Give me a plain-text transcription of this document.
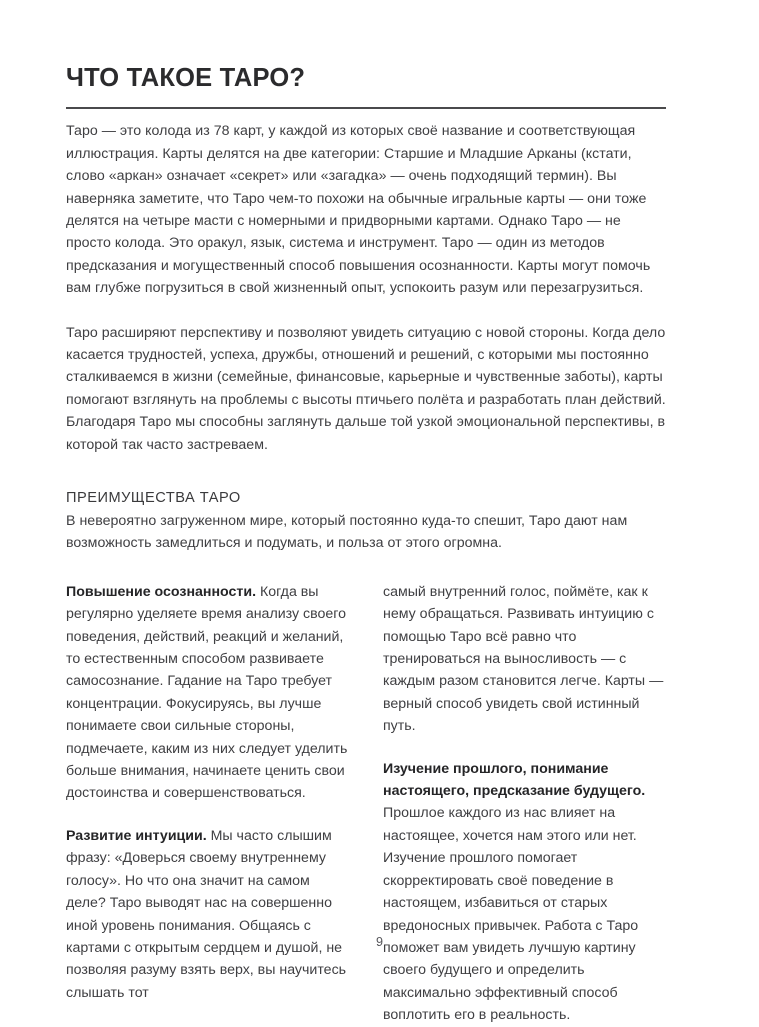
ЧТО ТАКОЕ ТАРО?

Таро — это колода из 78 карт, у каждой из которых своё название и соответствующая иллюстрация. Карты делятся на две категории: Старшие и Младшие Арканы (кстати, слово «аркан» означает «секрет» или «загадка» — очень подходящий термин). Вы наверняка заметите, что Таро чем-то похожи на обычные игральные карты — они тоже делятся на четыре масти с номерными и придворными картами. Однако Таро — не просто колода. Это оракул, язык, система и инструмент. Таро — один из методов предсказания и могущественный способ повышения осознанности. Карты могут помочь вам глубже погрузиться в свой жизненный опыт, успокоить разум или перезагрузиться.

Таро расширяют перспективу и позволяют увидеть ситуацию с новой стороны. Когда дело касается трудностей, успеха, дружбы, отношений и решений, с которыми мы постоянно сталкиваемся в жизни (семейные, финансовые, карьерные и чувственные заботы), карты помогают взглянуть на проблемы с высоты птичьего полёта и разработать план действий. Благодаря Таро мы способны заглянуть дальше той узкой эмоциональной перспективы, в которой так часто застреваем.

ПРЕИМУЩЕСТВА ТАРО

В невероятно загруженном мире, который постоянно куда-то спешит, Таро дают нам возможность замедлиться и подумать, и польза от этого огромна.

Повышение осознанности. Когда вы регулярно уделяете время анализу своего поведения, действий, реакций и желаний, то естественным способом развиваете самосознание. Гадание на Таро требует концентрации. Фокусируясь, вы лучше понимаете свои сильные стороны, подмечаете, каким из них следует уделить больше внимания, начинаете ценить свои достоинства и совершенствоваться.

Развитие интуиции. Мы часто слышим фразу: «Доверься своему внутреннему голосу». Но что она значит на самом деле? Таро выводят нас на совершенно иной уровень понимания. Общаясь с картами с открытым сердцем и душой, не позволяя разуму взять верх, вы научитесь слышать тот

самый внутренний голос, поймёте, как к нему обращаться. Развивать интуицию с помощью Таро всё равно что тренироваться на выносливость — с каждым разом становится легче. Карты — верный способ увидеть свой истинный путь.

Изучение прошлого, понимание настоящего, предсказание будущего. Прошлое каждого из нас влияет на настоящее, хочется нам этого или нет. Изучение прошлого помогает скорректировать своё поведение в настоящем, избавиться от старых вредоносных привычек. Работа с Таро поможет вам увидеть лучшую картину своего будущего и определить максимально эффективный способ воплотить его в реальность.

9
